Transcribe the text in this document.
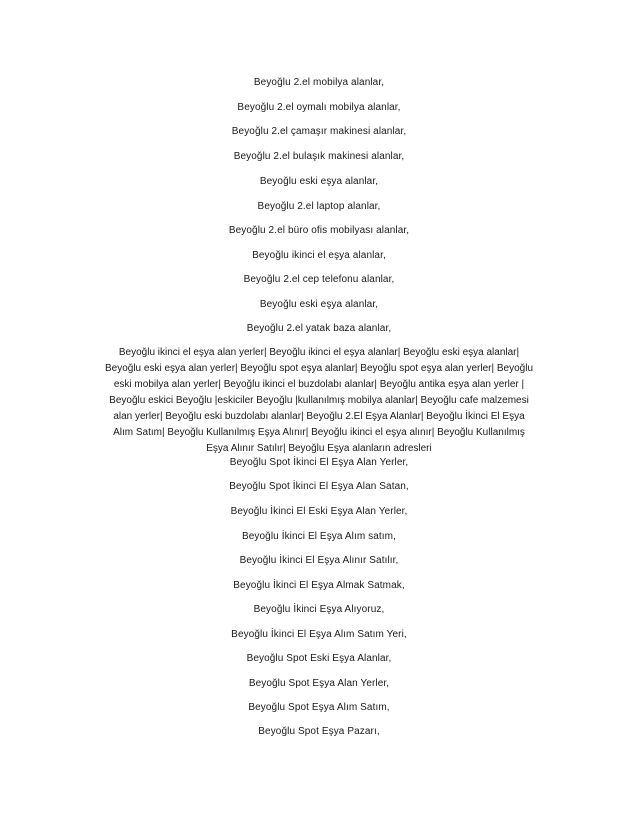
Beyoğlu 2.el mobilya alanlar,
Beyoğlu 2.el oymalı mobilya alanlar,
Beyoğlu 2.el çamaşır makinesi alanlar,
Beyoğlu 2.el bulaşık makinesi alanlar,
Beyoğlu eski eşya alanlar,
Beyoğlu 2.el laptop alanlar,
Beyoğlu 2.el büro ofis mobilyası alanlar,
Beyoğlu ikinci el eşya alanlar,
Beyoğlu 2.el cep telefonu alanlar,
Beyoğlu eski eşya alanlar,
Beyoğlu 2.el yatak baza alanlar,
Beyoğlu ikinci el eşya alan yerler| Beyoğlu ikinci el eşya alanlar| Beyoğlu eski eşya alanlar|
Beyoğlu eski eşya alan yerler| Beyoğlu spot eşya alanlar| Beyoğlu spot eşya alan yerler| Beyoğlu
eski mobilya alan yerler| Beyoğlu ikinci el buzdolabı alanlar| Beyoğlu antika eşya alan yerler |
Beyoğlu eskici Beyoğlu |eskiciler Beyoğlu |kullanılmış mobilya alanlar| Beyoğlu cafe malzemesi
alan yerler| Beyoğlu eski buzdolabı alanlar| Beyoğlu 2.El Eşya Alanlar| Beyoğlu İkinci El Eşya
Alım Satım| Beyoğlu Kullanılmış Eşya Alınır| Beyoğlu ikinci el eşya alınır| Beyoğlu Kullanılmış
Eşya Alınır Satılır| Beyoğlu Eşya alanların adresleri
Beyoğlu Spot İkinci El Eşya Alan Yerler,
Beyoğlu Spot İkinci El Eşya Alan Satan,
Beyoğlu İkinci El Eski Eşya Alan Yerler,
Beyoğlu İkinci El Eşya Alım satım,
Beyoğlu İkinci El Eşya Alınır Satılır,
Beyoğlu İkinci El Eşya Almak Satmak,
Beyoğlu İkinci Eşya Alıyoruz,
Beyoğlu İkinci El Eşya Alım Satım Yeri,
Beyoğlu Spot Eski Eşya Alanlar,
Beyoğlu Spot Eşya Alan Yerler,
Beyoğlu Spot Eşya Alım Satım,
Beyoğlu Spot Eşya Pazarı,
